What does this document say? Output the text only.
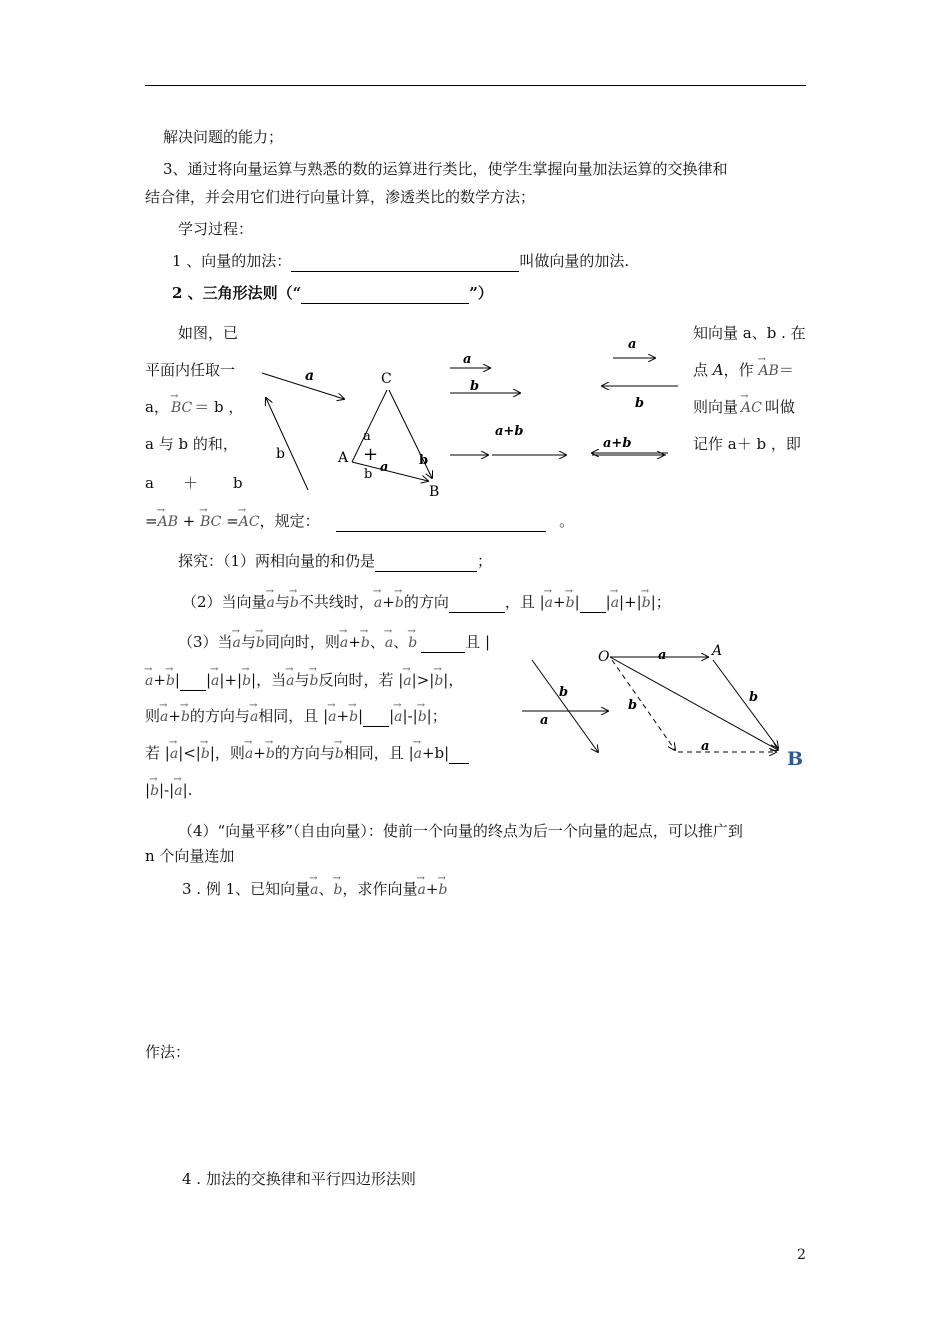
解决问题的能力；
3、通过将向量运算与熟悉的数的运算进行类比，使学生掌握向量加法运算的交换律和
结合律，并会用它们进行向量计算，渗透类比的数学方法；
学习过程：
1 、向量的加法：	叫做向量的加法.
2 、三角形法则（“	”）
如图，已
平面内任取一
a， → BC ＝ b ，
a 与 b 的和，
a ＋ b
知向量 a、b . 在
点 A，作 → AB＝
则向量 → AC 叫做
记作 a＋ b ，即
=→ AB + → BC =→ AC，规定：	。
a
b
C
A
B
a
+
b a b
a
b
a+b
a
b
a+b
探究：（1）两相向量的和仍是	；
（2）当向量→ a与→ b不共线时，→ a+→ b的方向	，且 |→ a+→ b| |→ a|+|→ b|；
（3）当→ a与→ b同向时，则→ a+→ b、→ a、→ b	且 |
→ a+→ b| |→ a|+|→ b|，当→ a与→ b反向时，若 |→ a|>|→ b|，
则→ a+→ b的方向与→ a相同，且 |→ a+→ b| |→ a|-|→ b|；
若 |→ a|<|→ b|，则→ a+→ b的方向与→ b相同，且 |→ a+b|
|→ b|-|→ a|.
b
a
O	a	A
b
b
a
B
（4）“向量平移”（自由向量）：使前一个向量的终点为后一个向量的起点，可以推广到
n 个向量连加
3 . 例 1、已知向量→ a、→ b，求作向量→ a+→ b
作法：
4 . 加法的交换律和平行四边形法则
2
